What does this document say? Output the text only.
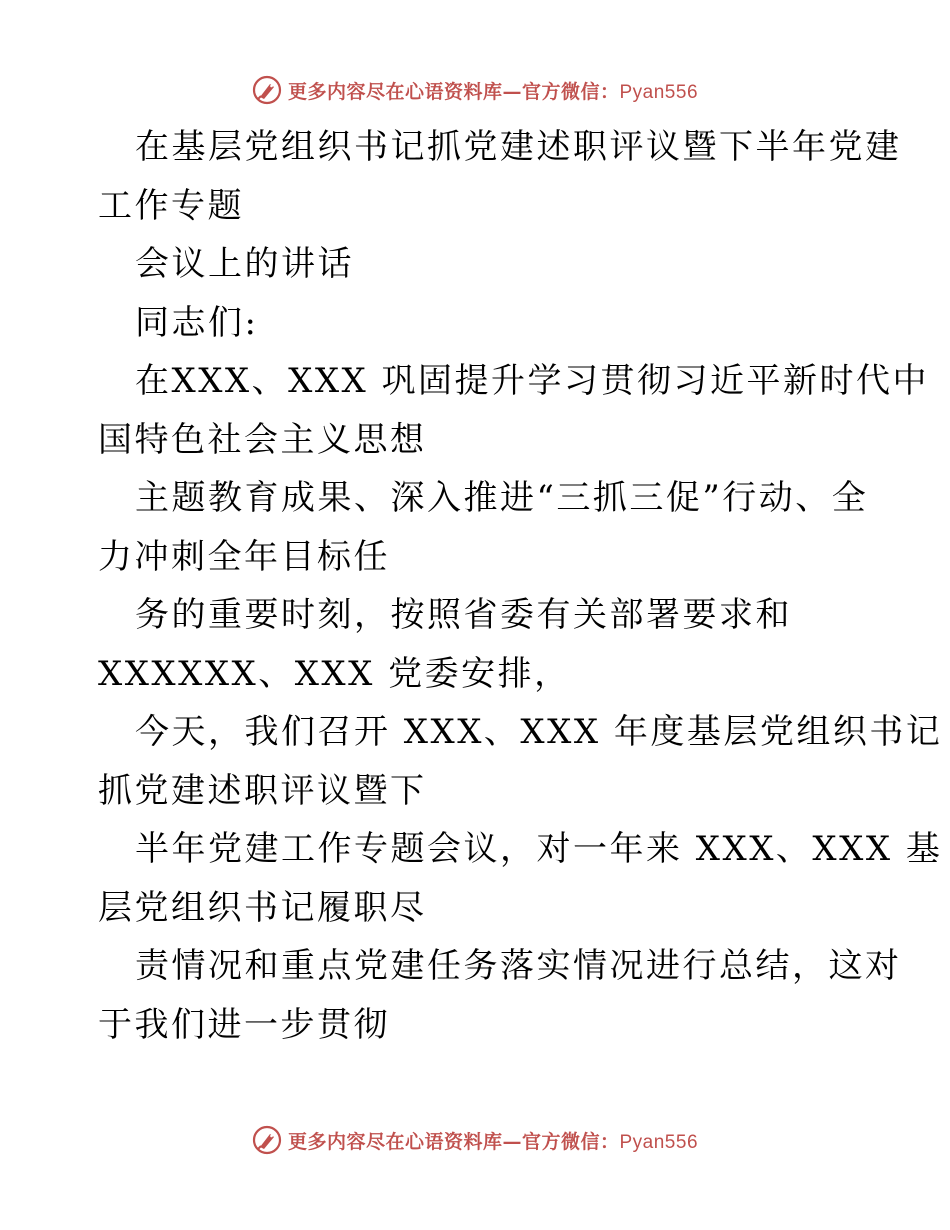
更多内容尽在心语资料库—官方微信：Pyan556
在基层党组织书记抓党建述职评议暨下半年党建
工作专题
会议上的讲话
同志们:
在XXX、XXX 巩固提升学习贯彻习近平新时代中
国特色社会主义思想
主题教育成果、深入推进“三抓三促”行动、全
力冲刺全年目标任
务的重要时刻，按照省委有关部署要求和
XXXXXX、XXX 党委安排，
今天，我们召开 XXX、XXX 年度基层党组织书记
抓党建述职评议暨下
半年党建工作专题会议，对一年来 XXX、XXX 基
层党组织书记履职尽
责情况和重点党建任务落实情况进行总结，这对
于我们进一步贯彻
更多内容尽在心语资料库—官方微信：Pyan556
